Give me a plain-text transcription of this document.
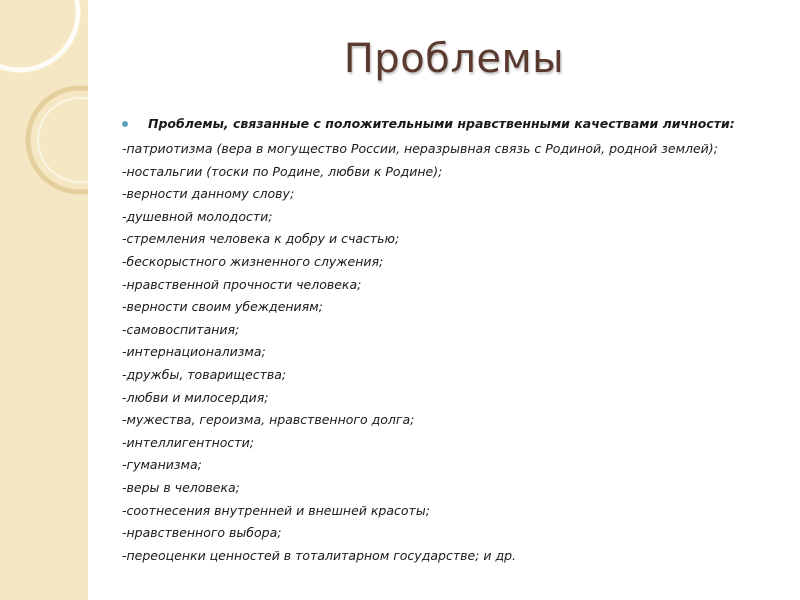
Проблемы
Проблемы, связанные с положительными нравственными качествами личности:
-патриотизма (вера в могущество России, неразрывная связь с Родиной, родной землей);
-ностальгии (тоски по Родине, любви к Родине);
-верности данному слову;
-душевной молодости;
-стремления человека к добру и счастью;
-бескорыстного жизненного служения;
-нравственной прочности человека;
-верности своим убеждениям;
-самовоспитания;
-интернационализма;
-дружбы, товарищества;
-любви и милосердия;
-мужества, героизма, нравственного долга;
-интеллигентности;
-гуманизма;
-веры в человека;
-соотнесения внутренней и внешней красоты;
-нравственного выбора;
-переоценки ценностей в тоталитарном государстве; и др.
